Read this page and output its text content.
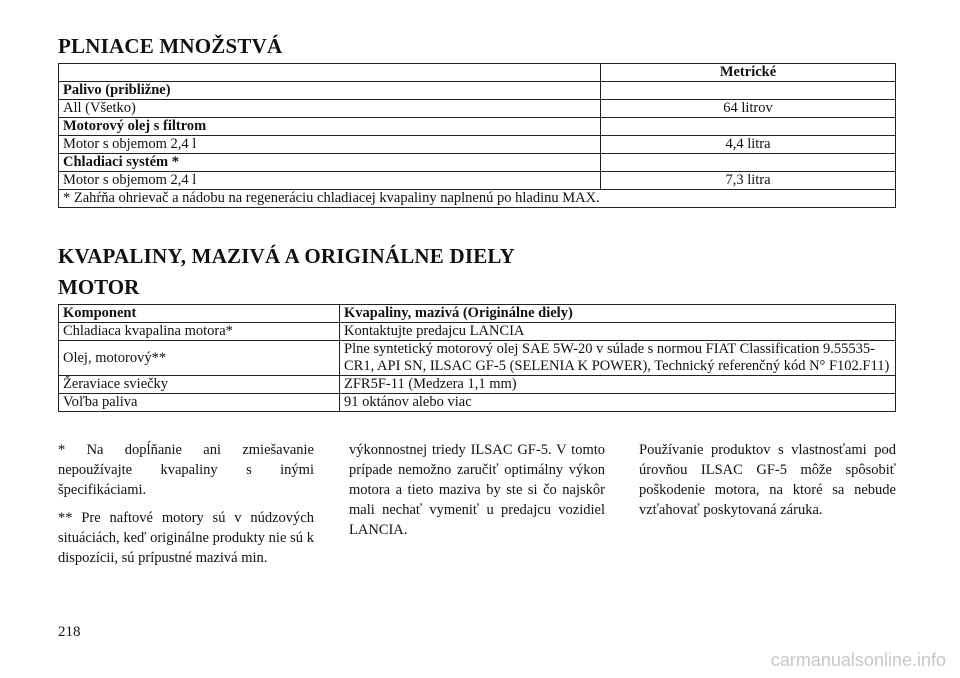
PLNIACE MNOŽSTVÁ
	Metrické
Palivo (približne)	
All (Všetko)	64 litrov
Motorový olej s filtrom	
Motor s objemom 2,4 l	4,4 litra
Chladiaci systém *	
Motor s objemom 2,4 l	7,3 litra
* Zahŕňa ohrievač a nádobu na regeneráciu chladiacej kvapaliny naplnenú po hladinu MAX.	
KVAPALINY, MAZIVÁ A ORIGINÁLNE DIELY
MOTOR
Komponent	Kvapaliny, mazivá (Originálne diely)
Chladiaca kvapalina motora*	Kontaktujte predajcu LANCIA
Olej, motorový**	Plne syntetický motorový olej SAE 5W-20 v súlade s normou FIAT Classification 9.55535-CR1, API SN, ILSAC GF-5 (SELENIA K POWER), Technický referenčný kód N° F102.F11)
Žeraviace sviečky	ZFR5F-11 (Medzera 1,1 mm)
Voľba paliva	91 oktánov alebo viac

* Na dopĺňanie ani zmiešavanie nepoužívajte kvapaliny s inými špecifikáciami.

** Pre naftové motory sú v núdzových situáciách, keď originálne produkty nie sú k dispozícii, sú prípustné mazivá min.

výkonnostnej triedy ILSAC GF-5. V tomto prípade nemožno zaručiť optimálny výkon motora a tieto maziva by ste si čo najskôr mali nechať vymeniť u predajcu vozidiel LANCIA.

Používanie produktov s vlastnosťami pod úrovňou ILSAC GF-5 môže spôsobiť poškodenie motora, na ktoré sa nebude vzťahovať poskytovaná záruka.

218
carmanualsonline.info
